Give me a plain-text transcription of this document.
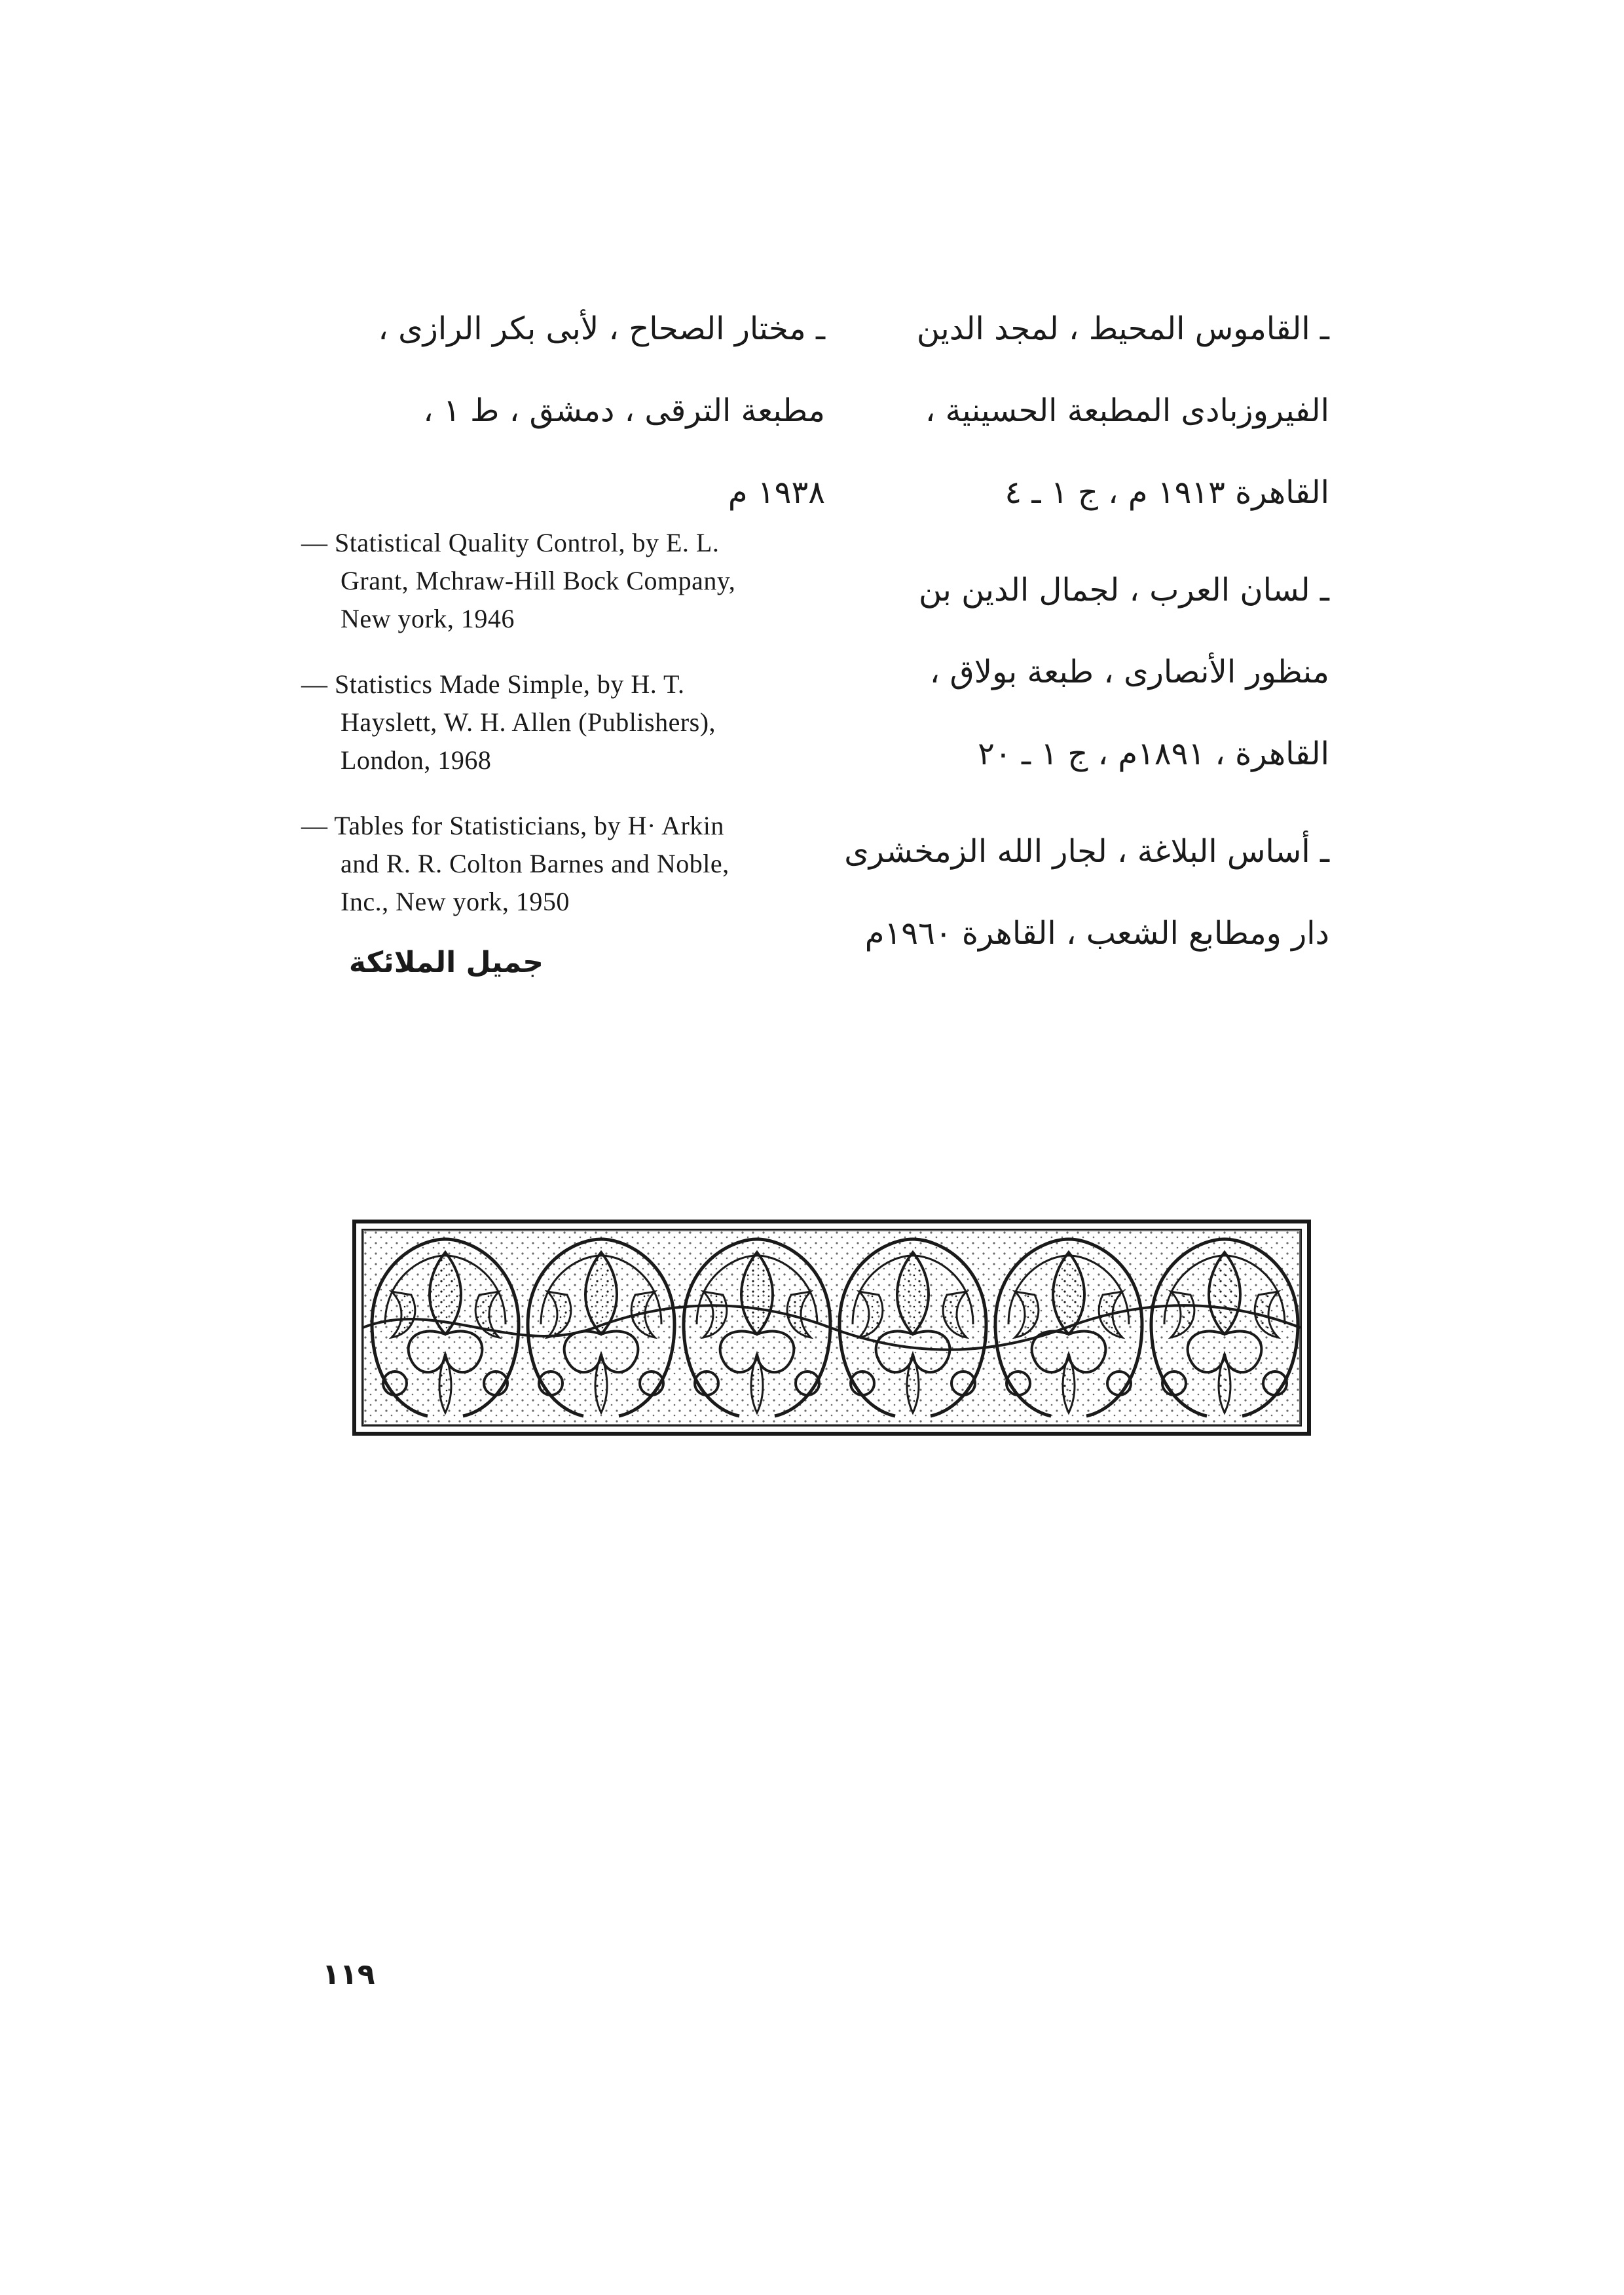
ـ القاموس المحيط ، لمجد الدين
الفيروزبادى المطبعة الحسينية ،
القاهرة ١٩١٣ م ، ج ١ ـ ٤
ـ لسان العرب ، لجمال الدين بن
منظور الأنصارى ، طبعة بولاق ،
القاهرة ، ١٨٩١م ، ج ١ ـ ٢٠
ـ أساس البلاغة ، لجار الله الزمخشرى
دار ومطابع الشعب ، القاهرة ١٩٦٠م
ـ مختار الصحاح ، لأبى بكر الرازى ،
مطبعة الترقى ، دمشق ، ط ١ ،
١٩٣٨ م
— Statistical Quality Control, by E. L.
Grant, Mchraw-Hill Bock Company,
New york, 1946
— Statistics Made Simple, by H. T.
Hayslett, W. H. Allen (Publishers),
London, 1968
— Tables for Statisticians, by H· Arkin
and R. R. Colton Barnes and Noble,
Inc., New york, 1950
جميل الملائكة
١١٩
